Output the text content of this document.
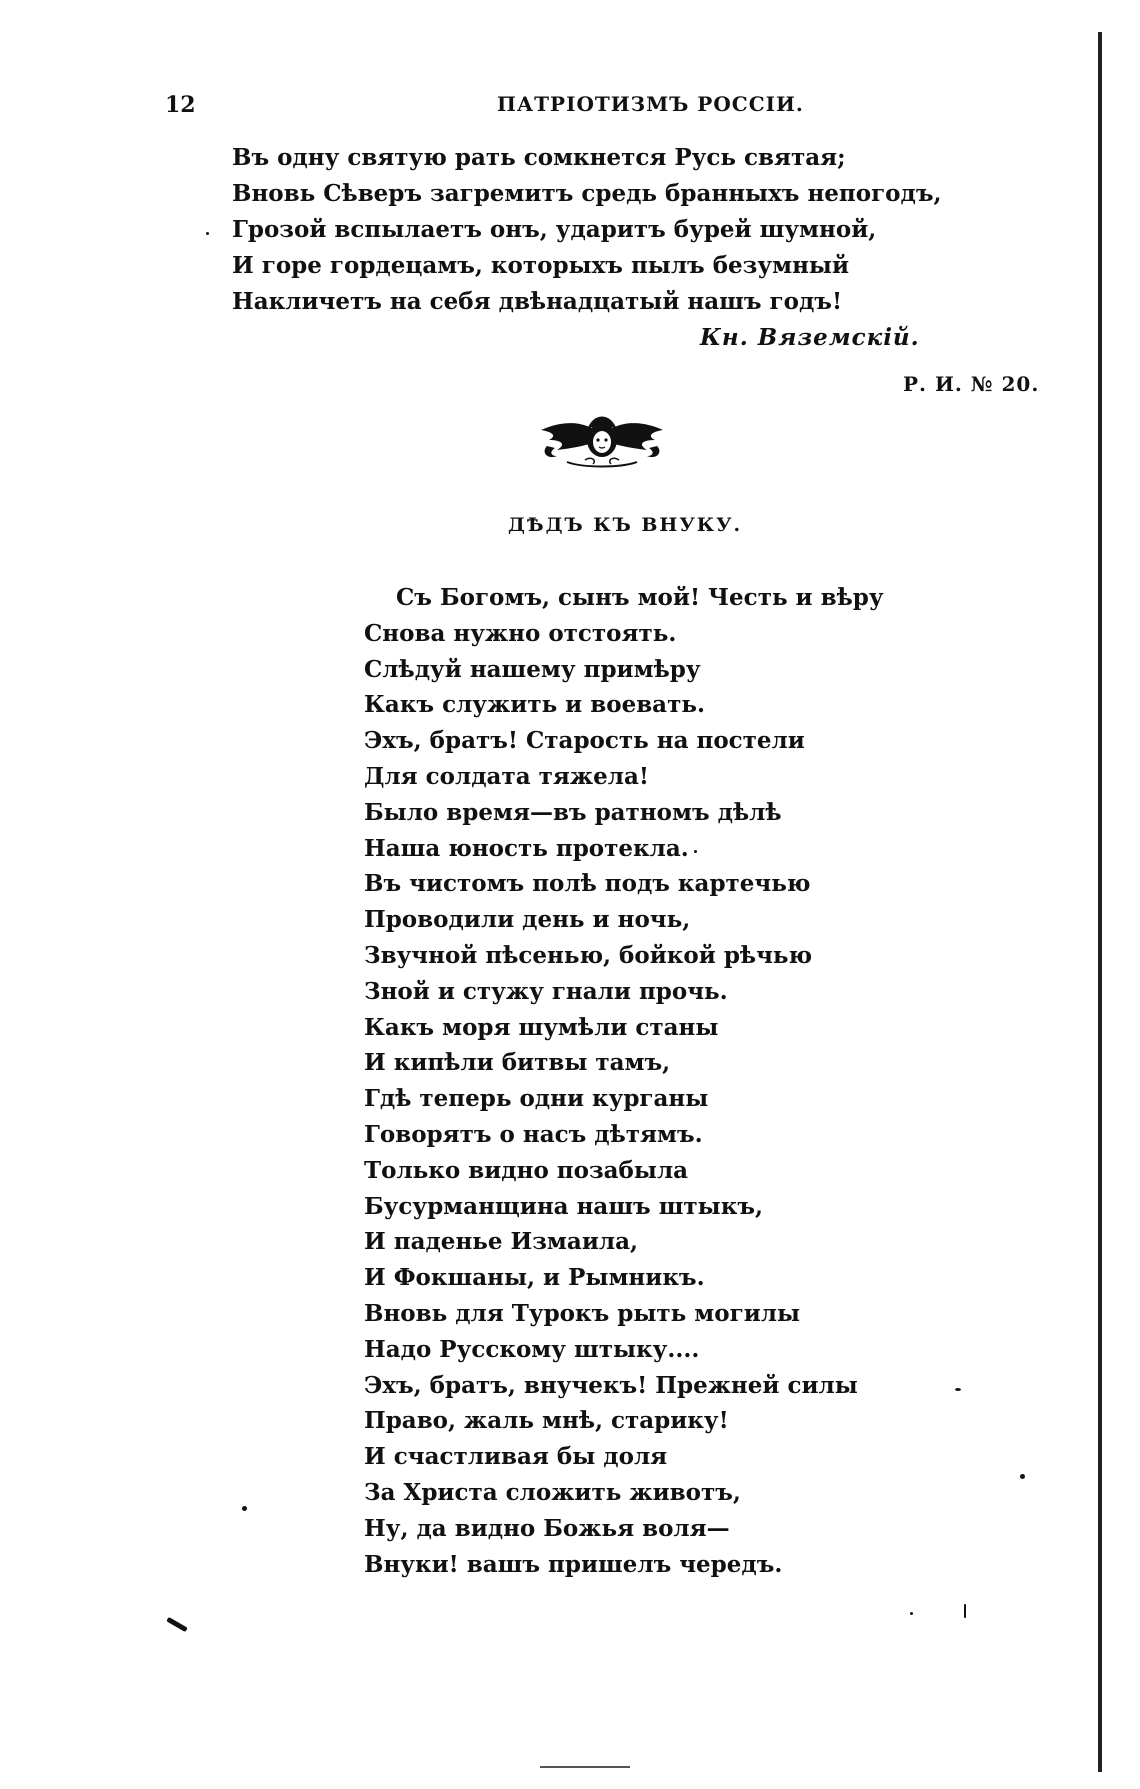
12	ПАТРІОТИЗМЪ РОССІИ.
Въ одну святую рать сомкнется Русь святая;
Вновь Сѣверъ загремитъ средь бранныхъ непогодъ,
Грозой вспылаетъ онъ, ударитъ бурей шумной,
И горе гордецамъ, которыхъ пылъ безумный
Накличетъ на себя двѣнадцатый нашъ годъ!
Кн. Вяземскій.
Р. И. № 20.
ДѢДЪ КЪ ВНУКУ.
Съ Богомъ, сынъ мой! Честь и вѣру
Снова нужно отстоять.
Слѣдуй нашему примѣру
Какъ служить и воевать.
Эхъ, братъ! Старость на постели
Для солдата тяжела!
Было время—въ ратномъ дѣлѣ
Наша юность протекла.
Въ чистомъ полѣ подъ картечью
Проводили день и ночь,
Звучной пѣсенью, бойкой рѣчью
Зной и стужу гнали прочь.
Какъ моря шумѣли станы
И кипѣли битвы тамъ,
Гдѣ теперь одни курганы
Говорятъ о насъ дѣтямъ.
Только видно позабыла
Бусурманщина нашъ штыкъ,
И паденье Измаила,
И Фокшаны, и Рымникъ.
Вновь для Турокъ рыть могилы
Надо Русскому штыку....
Эхъ, братъ, внучекъ! Прежней силы
Право, жаль мнѣ, старику!
И счастливая бы доля
За Христа сложить животъ,
Ну, да видно Божья воля—
Внуки! вашъ пришелъ чередъ.
